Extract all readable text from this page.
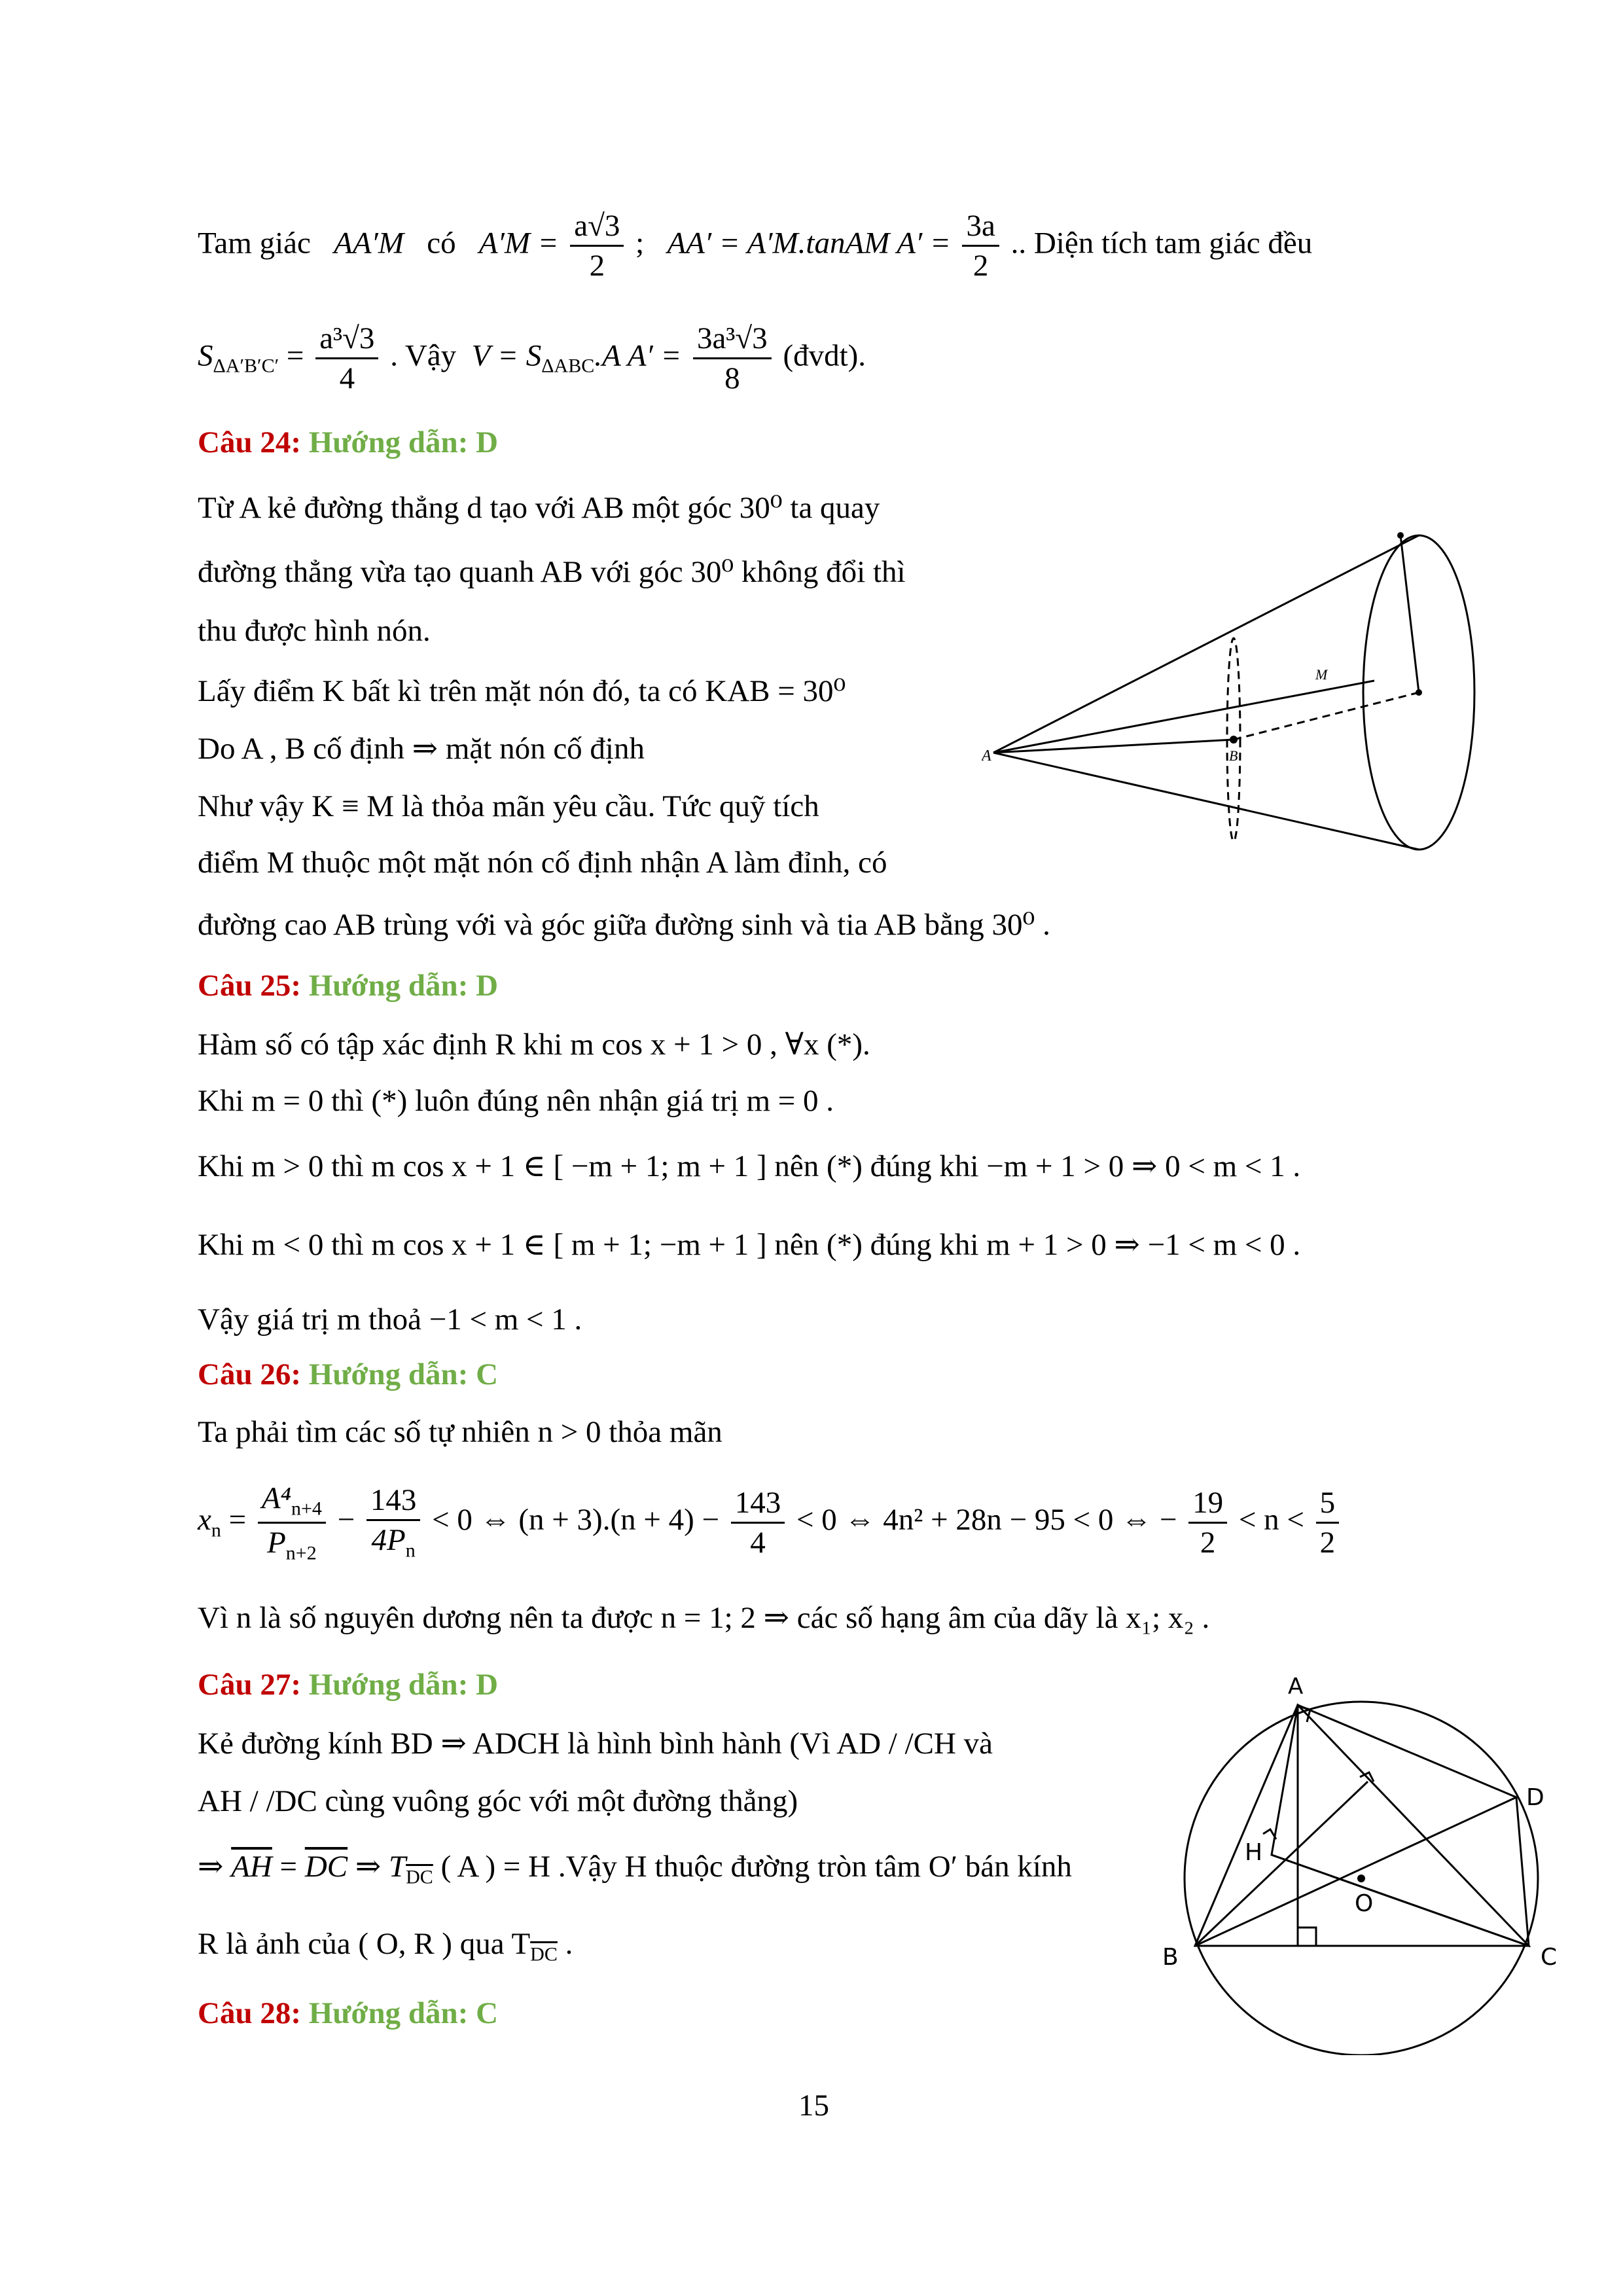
Tam giác AA′M có $A'M = \frac{a√3}{2}$ ; AA′ = A′M.tanAM $A' = \frac{3a}{2}$ .. Diện tích tam giác đều
$S_{\Delta A'B'C'} = \frac{\text{a³√3}}{4}$ . Vậy $V = S_{\Delta ABC}.A$ $A' = \frac{\text{3a³√3}}{8}$ (đvdt).
Câu 24: Hướng dẫn: D
Từ A kẻ đường thẳng d tạo với AB một góc 30⁰ ta quay
đường thẳng vừa tạo quanh AB với góc 30⁰ không đổi thì
thu được hình nón.
Lấy điểm K bất kì trên mặt nón đó, ta có KAB = 30⁰
Do A , B cố định ⇒ mặt nón cố định
Như vậy K ≡ M là thỏa mãn yêu cầu. Tức quỹ tích
điểm M thuộc một mặt nón cố định nhận A làm đỉnh, có
đường cao AB trùng với và góc giữa đường sinh và tia AB bằng 30⁰ .
A	B
M
Câu 25: Hướng dẫn: D
Hàm số có tập xác định R khi m cos x + 1 > 0 , ∀x (*).
Khi m = 0 thì (*) luôn đúng nên nhận giá trị m = 0 .
Khi m > 0 thì m cos x + 1 ∈ [ −m + 1; m + 1 ] nên (*) đúng khi −m + 1 > 0 ⇒ 0 < m < 1 .
Khi m < 0 thì m cos x + 1 ∈ [ m + 1; −m + 1 ] nên (*) đúng khi m + 1 > 0 ⇒ −1 < m < 0 .
Vậy giá trị m thoả −1 < m < 1 .
Câu 26: Hướng dẫn: C
Ta phải tìm các số tự nhiên n > 0 thỏa mãn
$x_n = \frac{A^4_{n+4}}{P_{n+2}} - \frac{143}{4P_n} < 0$ ⇔ $(n + 3).(n + 4) - \frac{143}{4} < 0$ ⇔ 4n² + 28n − 95 < 0 ⇔ − $\frac{19}{2} < n < \frac{5}{2}$
Vì n là số nguyên dương nên ta được n = 1; 2 ⇒ các số hạng âm của dãy là x₁; x₂ .
Câu 27: Hướng dẫn: D
Kẻ đường kính BD ⇒ ADCH là hình bình hành (Vì AD / /CH và
AH / /DC cùng vuông góc với một đường thẳng)
⇒ $\overline{AH} = \overline{DC}$ ⇒ $T_{\overline{DC}}$ ( A ) = H .Vậy H thuộc đường tròn tâm O′ bán kính
R là ảnh của ( O, R ) qua $T_{\overline{DC}}$ .
A
B	C
D
H
O
Câu 28: Hướng dẫn: C
15
